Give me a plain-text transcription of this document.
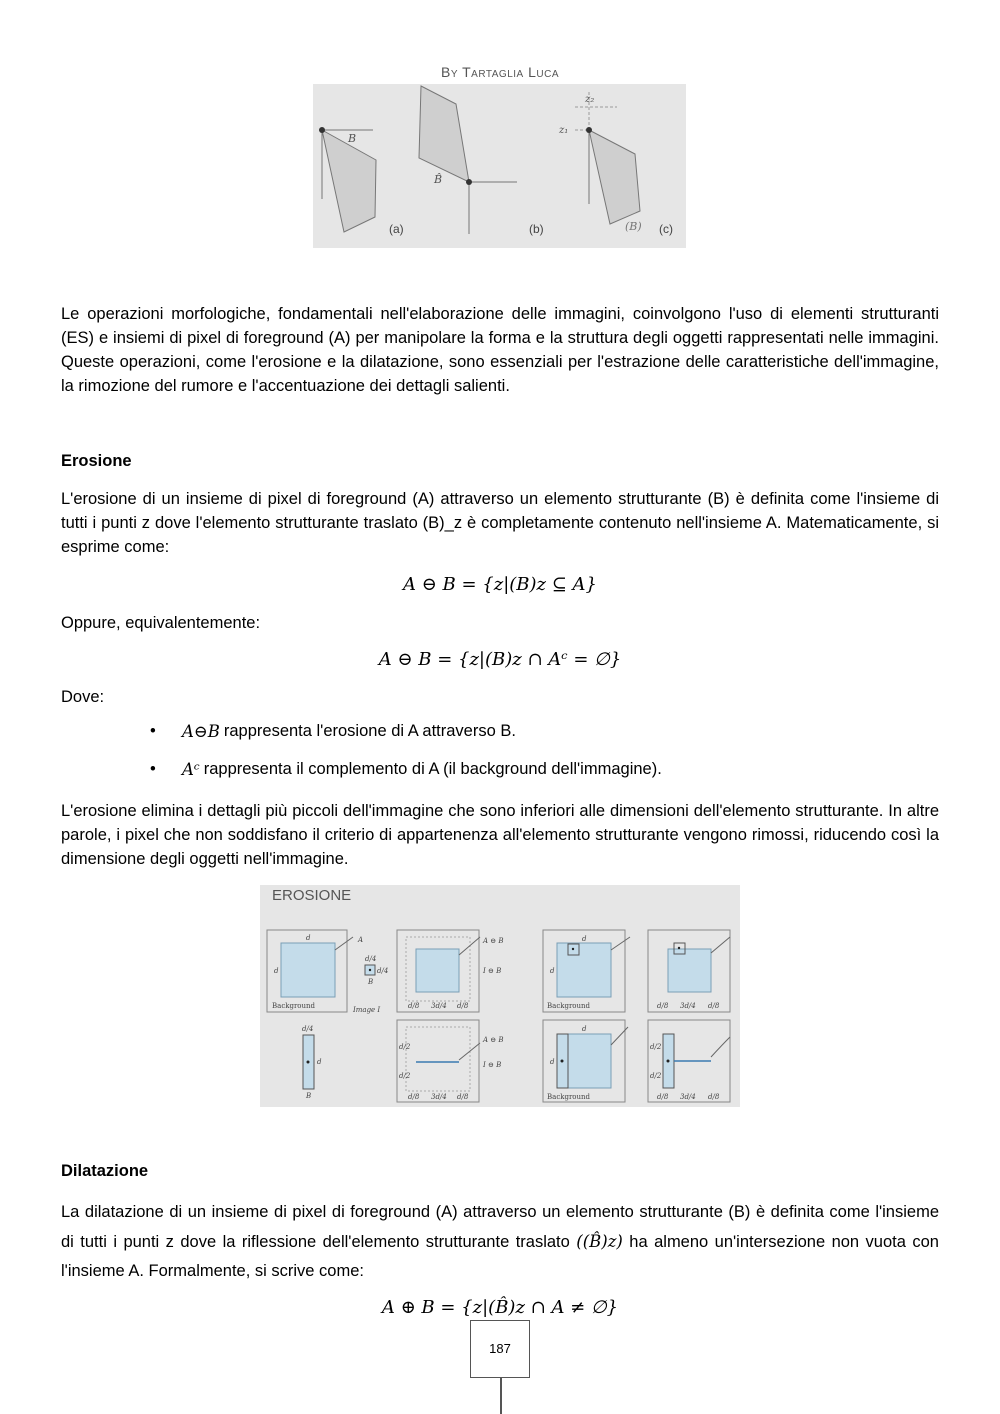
By Tartaglia Luca
B
(a)
B̂
(b)
z₂
z₁
(B) (c)
Le operazioni morfologiche, fondamentali nell'elaborazione delle immagini, coinvolgono l'uso di elementi strutturanti (ES) e insiemi di pixel di foreground (A) per manipolare la forma e la struttura degli oggetti rappresentati nelle immagini. Queste operazioni, come l'erosione e la dilatazione, sono essenziali per l'estrazione delle caratteristiche dell'immagine, la rimozione del rumore e l'accentuazione dei dettagli salienti.
Erosione
L'erosione di un insieme di pixel di foreground (A) attraverso un elemento strutturante (B) è definita come l'insieme di tutti i punti z dove l'elemento strutturante traslato (B)_z è completamente contenuto nell'insieme A. Matematicamente, si esprime come:
A ⊖ B = {z|(B)𝑧 ⊆ A}
Oppure, equivalentemente:
A ⊖ B = {z|(B)𝑧 ∩ Aᶜ = ∅}
Dove:
•	A⊖B rappresenta l'erosione di A attraverso B.
•	Aᶜ rappresenta il complemento di A (il background dell'immagine).
L'erosione elimina i dettagli più piccoli dell'immagine che sono inferiori alle dimensioni dell'elemento strutturante. In altre parole, i pixel che non soddisfano il criterio di appartenenza all'elemento strutturante vengono rimossi, riducendo così la dimensione degli oggetti nell'immagine.
EROSIONE
A
d
d
Background
d/4
d/4
B
Image I
A ⊖ B
I ⊖ B
d/8 3d/4 d/8
d
d
Background	d/8 3d/4 d/8
d/4
d
B
A ⊖ B
I ⊖ B
d/2
d/2
d/8 3d/4 d/8
d
d
Background
d/2
d/2
d/8 3d/4 d/8
Dilatazione
La dilatazione di un insieme di pixel di foreground (A) attraverso un elemento strutturante (B) è definita come l'insieme di tutti i punti z dove la riflessione dell'elemento strutturante traslato ((B̂)𝑧) ha almeno un'intersezione non vuota con l'insieme A. Formalmente, si scrive come:
A ⊕ B = {z|(B̂)𝑧 ∩ A ≠ ∅}
187
